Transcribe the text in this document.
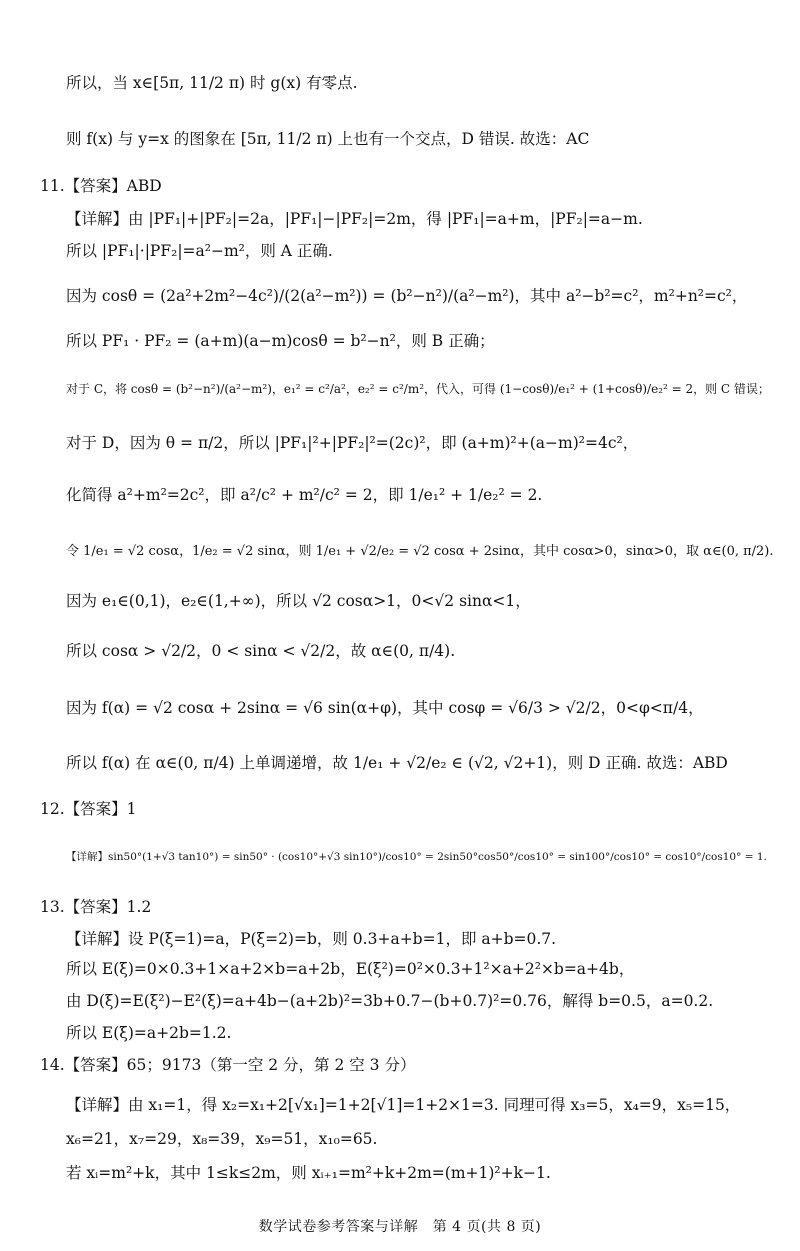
所以，当 x∈[5π, 11/2 π) 时 g(x) 有零点.
则 f(x) 与 y=x 的图象在 [5π, 11/2 π) 上也有一个交点，D 错误. 故选：AC
11.【答案】ABD
【详解】由 |PF₁|+|PF₂|=2a，|PF₁|−|PF₂|=2m，得 |PF₁|=a+m，|PF₂|=a−m.
所以 |PF₁|·|PF₂|=a²−m²，则 A 正确.
因为 cosθ = (2a²+2m²−4c²)/(2(a²−m²)) = (b²−n²)/(a²−m²)，其中 a²−b²=c²，m²+n²=c²，
所以 PF₁ · PF₂ = (a+m)(a−m)cosθ = b²−n²，则 B 正确；
对于 C，将 cosθ = (b²−n²)/(a²−m²)，e₁² = c²/a²，e₂² = c²/m²，代入，可得 (1−cosθ)/e₁² + (1+cosθ)/e₂² = 2，则 C 错误；
对于 D，因为 θ = π/2，所以 |PF₁|²+|PF₂|²=(2c)²，即 (a+m)²+(a−m)²=4c²，
化简得 a²+m²=2c²，即 a²/c² + m²/c² = 2，即 1/e₁² + 1/e₂² = 2.
令 1/e₁ = √2 cosα，1/e₂ = √2 sinα，则 1/e₁ + √2/e₂ = √2 cosα + 2sinα，其中 cosα>0，sinα>0，取 α∈(0, π/2).
因为 e₁∈(0,1)，e₂∈(1,+∞)，所以 √2 cosα>1，0<√2 sinα<1，
所以 cosα > √2/2，0 < sinα < √2/2，故 α∈(0, π/4).
因为 f(α) = √2 cosα + 2sinα = √6 sin(α+φ)，其中 cosφ = √6/3 > √2/2，0<φ<π/4，
所以 f(α) 在 α∈(0, π/4) 上单调递增，故 1/e₁ + √2/e₂ ∈ (√2, √2+1)，则 D 正确. 故选：ABD
12.【答案】1
【详解】sin50°(1+√3 tan10°) = sin50° · (cos10°+√3 sin10°)/cos10° = 2sin50°cos50°/cos10° = sin100°/cos10° = cos10°/cos10° = 1.
13.【答案】1.2
【详解】设 P(ξ=1)=a，P(ξ=2)=b，则 0.3+a+b=1，即 a+b=0.7.
所以 E(ξ)=0×0.3+1×a+2×b=a+2b，E(ξ²)=0²×0.3+1²×a+2²×b=a+4b，
由 D(ξ)=E(ξ²)−E²(ξ)=a+4b−(a+2b)²=3b+0.7−(b+0.7)²=0.76，解得 b=0.5，a=0.2.
所以 E(ξ)=a+2b=1.2.
14.【答案】65；9173（第一空 2 分，第 2 空 3 分）
【详解】由 x₁=1，得 x₂=x₁+2[√x₁]=1+2[√1]=1+2×1=3. 同理可得 x₃=5，x₄=9，x₅=15，
x₆=21，x₇=29，x₈=39，x₉=51，x₁₀=65.
若 xᵢ=m²+k，其中 1≤k≤2m，则 xᵢ₊₁=m²+k+2m=(m+1)²+k−1.
数学试卷参考答案与详解　第 4 页(共 8 页)
